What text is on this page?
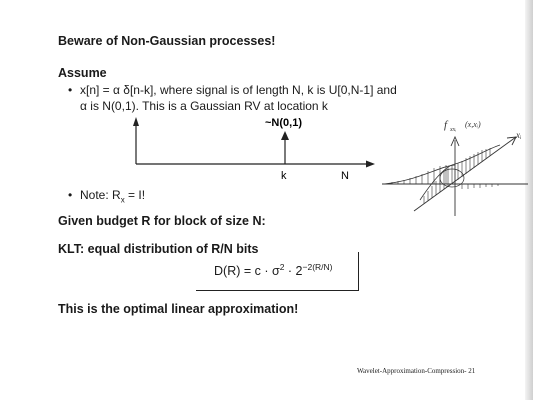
Beware of Non-Gaussian processes!
Assume
• x[n] = α δ[n-k], where signal is of length N, k is U[0,N-1] and
α is N(0,1). This is a Gaussian RV at location k
~N(0,1)
k	N
f xxᵢ
(x,xᵢ)
xᵢ
• Note: $R_x = I$!
Given budget R for block of size N:
KLT: equal distribution of R/N bits
$D(R) = c \cdot \sigma^2 \cdot 2^{-2(R/N)}$
This is the optimal linear approximation!
Wavelet-Approximation-Compression- 21
